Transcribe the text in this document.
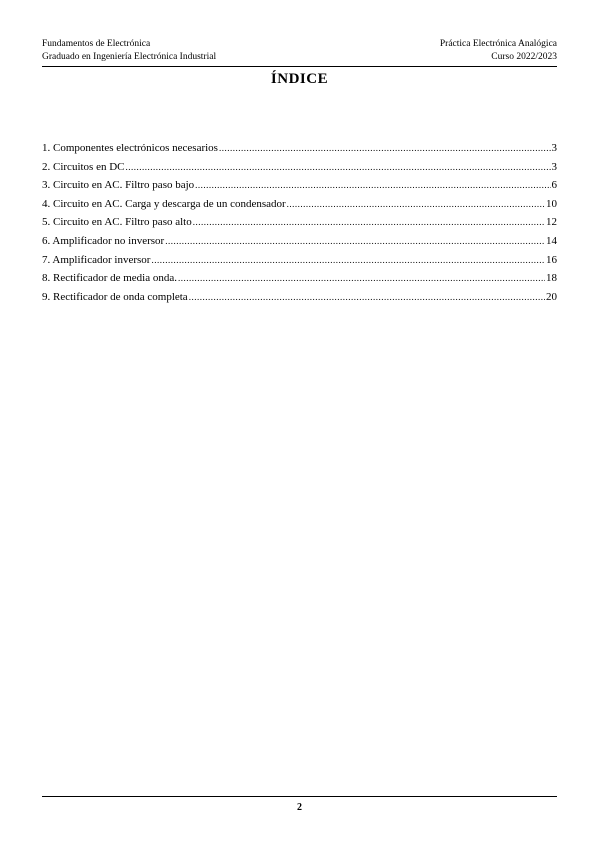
Fundamentos de Electrónica
Graduado en Ingeniería Electrónica Industrial
Práctica Electrónica Analógica
Curso 2022/2023
ÍNDICE
1. Componentes electrónicos necesarios .....	3
2. Circuitos en DC .....	3
3. Circuito en AC. Filtro paso bajo .....	6
4. Circuito en AC. Carga y descarga de un condensador .....	10
5. Circuito en AC. Filtro paso alto .....	12
6. Amplificador no inversor .....	14
7. Amplificador inversor .....	16
8. Rectificador de media onda. .....	18
9. Rectificador de onda completa .....	20
2
